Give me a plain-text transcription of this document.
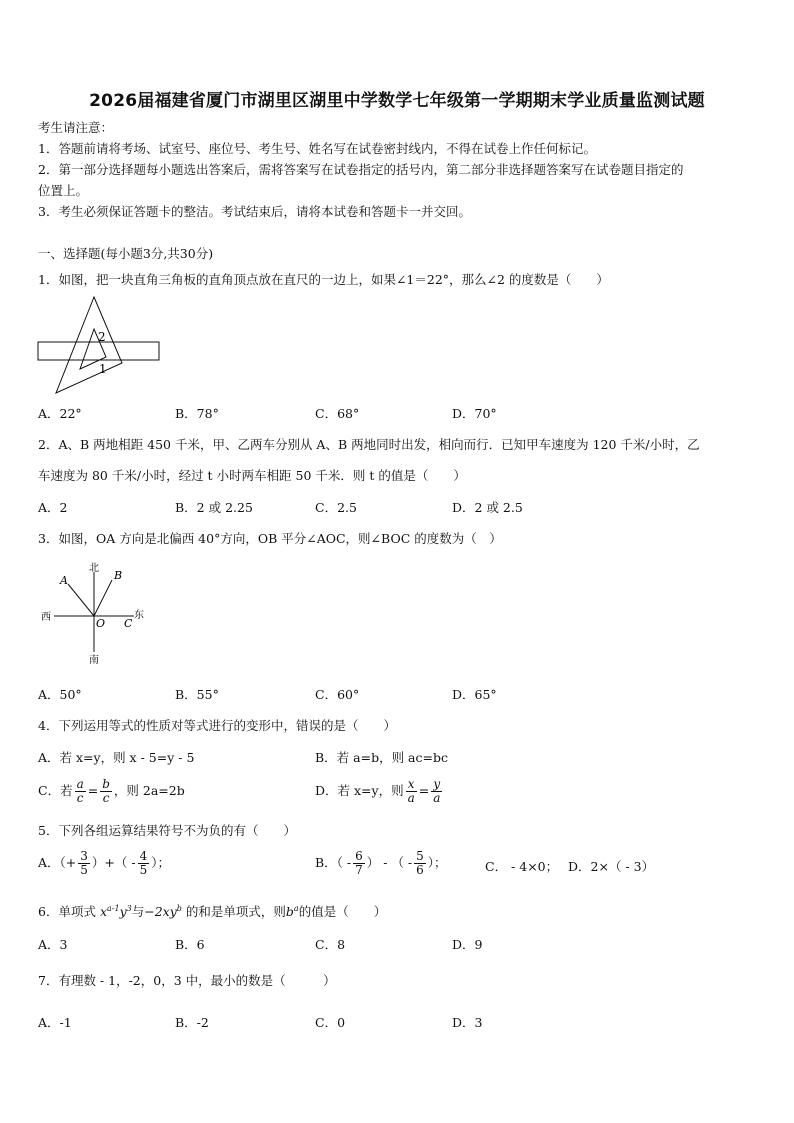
2026届福建省厦门市湖里区湖里中学数学七年级第一学期期末学业质量监测试题
考生请注意：
1．答题前请将考场、试室号、座位号、考生号、姓名写在试卷密封线内，不得在试卷上作任何标记。
2．第一部分选择题每小题选出答案后，需将答案写在试卷指定的括号内，第二部分非选择题答案写在试卷题目指定的
位置上。
3．考生必须保证答题卡的整洁。考试结束后，请将本试卷和答题卡一并交回。
一、选择题(每小题3分,共30分)
1．如图，把一块直角三角板的直角顶点放在直尺的一边上，如果∠1＝22°，那么∠2 的度数是（　　）
2
1
A．22°	B．78°	C．68°	D．70°
2．A、B 两地相距 450 千米，甲、乙两车分别从 A、B 两地同时出发，相向而行．已知甲车速度为 120 千米/小时，乙
车速度为 80 千米/小时，经过 t 小时两车相距 50 千米．则 t 的值是（　　）
A．2	B．2 或 2.25	C．2.5	D．2 或 2.5
3．如图，OA 方向是北偏西 40°方向，OB 平分∠AOC，则∠BOC 的度数为（　）
北
南
西	东
A	B
O C
A．50°	B．55°	C．60°	D．65°
4．下列运用等式的性质对等式进行的变形中，错误的是（　　）
A．若 x=y，则 x - 5=y - 5	B．若 a=b，则 ac=bc
C．若 $\frac{a}{c} = \frac{b}{c}$ ，则 2a=2b	D．若 x=y，则 $\frac{x}{a} = \frac{y}{a}$
5．下列各组运算结果符号不为负的有（　　）
A．（+ $\frac{3}{5}$ ）+（ - $\frac{4}{5}$ ）；	B．（ - $\frac{6}{7}$ ） - （ - $\frac{5}{6}$ ）；	C． - 4×0； D．2×（ - 3）
6．单项式 $x^{a-1}y^3$与$-2xy^b$ 的和是单项式，则$b^a$的值是（　　）
A．3	B．6	C．8	D．9
7．有理数 - 1，-2，0，3 中，最小的数是（　　　）
A．-1	B．-2	C．0	D．3
